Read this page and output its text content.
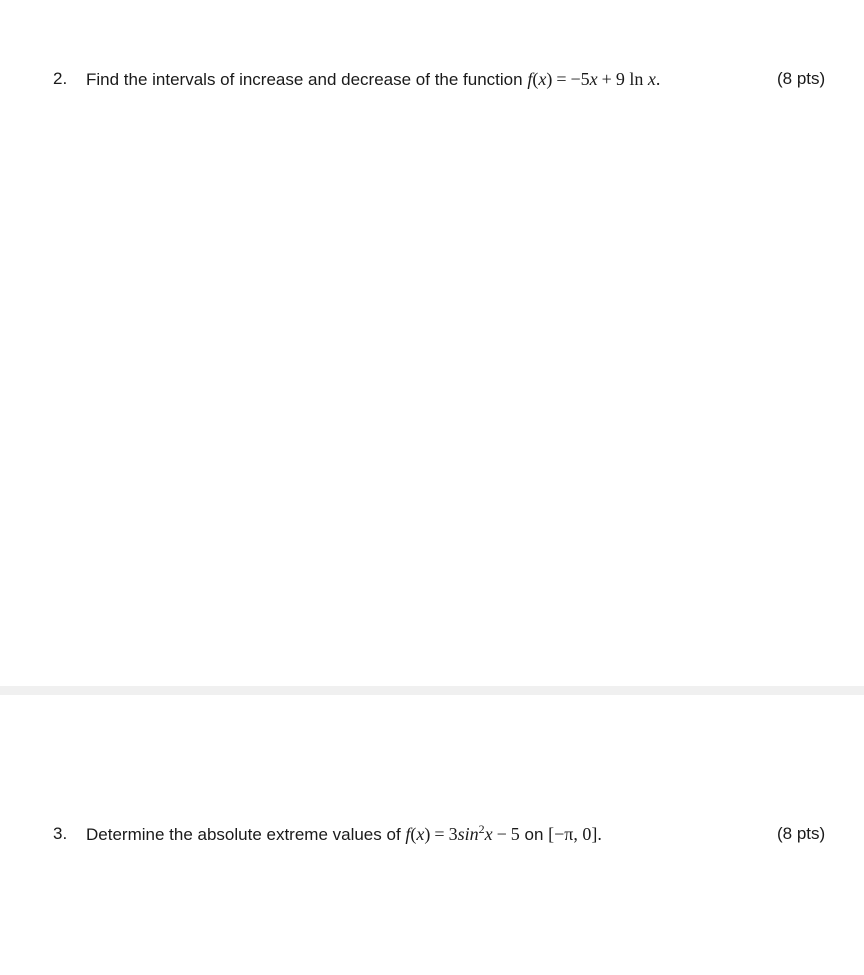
2. Find the intervals of increase and decrease of the function f(x) = −5x + 9 ln x.	(8 pts)
3. Determine the absolute extreme values of $f(x) = 3\sin^2x - 5$ on [−π, 0].	(8 pts)
